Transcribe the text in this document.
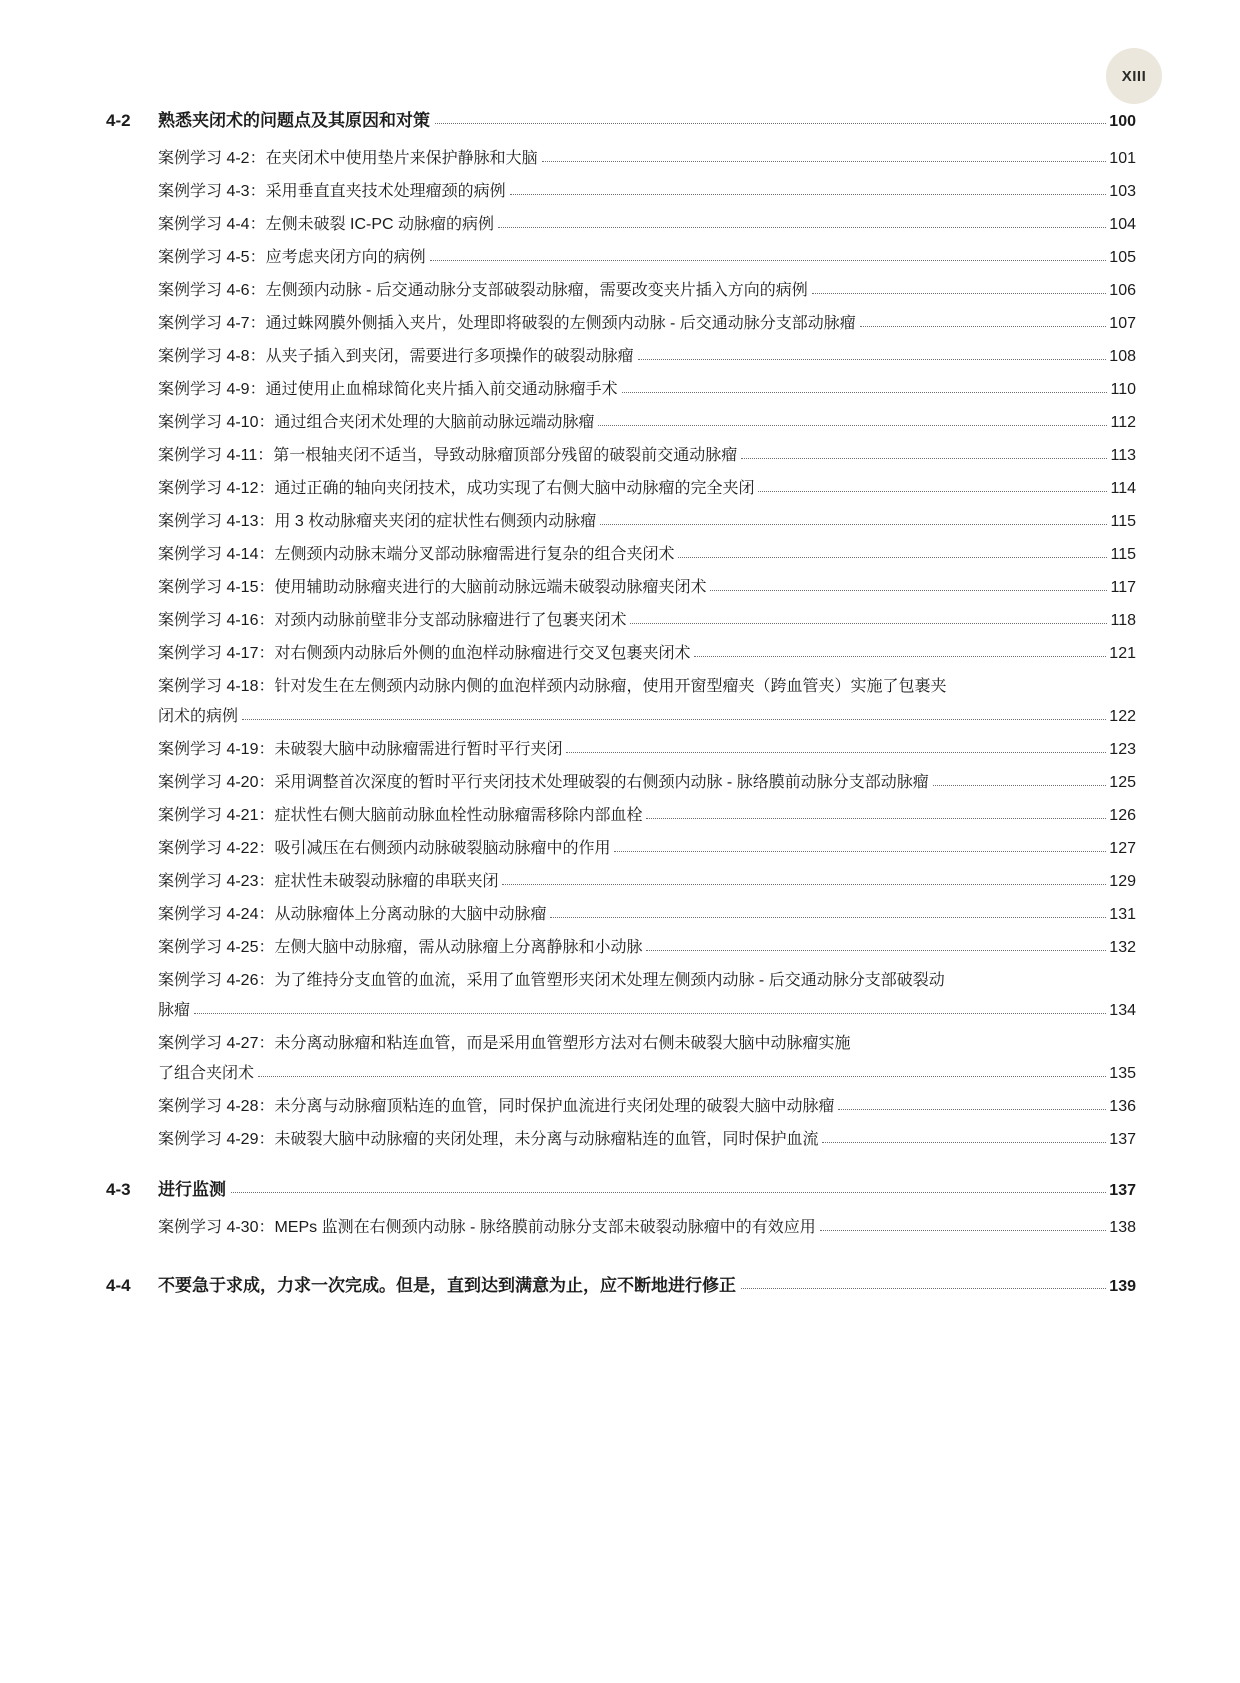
XIII
4-2	熟悉夹闭术的问题点及其原因和对策	100
案例学习 4-2：在夹闭术中使用垫片来保护静脉和大脑	101
案例学习 4-3：采用垂直直夹技术处理瘤颈的病例	103
案例学习 4-4：左侧未破裂 IC-PC 动脉瘤的病例	104
案例学习 4-5：应考虑夹闭方向的病例	105
案例学习 4-6：左侧颈内动脉 - 后交通动脉分支部破裂动脉瘤，需要改变夹片插入方向的病例	106
案例学习 4-7：通过蛛网膜外侧插入夹片，处理即将破裂的左侧颈内动脉 - 后交通动脉分支部动脉瘤	107
案例学习 4-8：从夹子插入到夹闭，需要进行多项操作的破裂动脉瘤	108
案例学习 4-9：通过使用止血棉球简化夹片插入前交通动脉瘤手术	110
案例学习 4-10：通过组合夹闭术处理的大脑前动脉远端动脉瘤	112
案例学习 4-11：第一根轴夹闭不适当，导致动脉瘤顶部分残留的破裂前交通动脉瘤	113
案例学习 4-12：通过正确的轴向夹闭技术，成功实现了右侧大脑中动脉瘤的完全夹闭	114
案例学习 4-13：用 3 枚动脉瘤夹夹闭的症状性右侧颈内动脉瘤	115
案例学习 4-14：左侧颈内动脉末端分叉部动脉瘤需进行复杂的组合夹闭术	115
案例学习 4-15：使用辅助动脉瘤夹进行的大脑前动脉远端未破裂动脉瘤夹闭术	117
案例学习 4-16：对颈内动脉前壁非分支部动脉瘤进行了包裹夹闭术	118
案例学习 4-17：对右侧颈内动脉后外侧的血泡样动脉瘤进行交叉包裹夹闭术	121
案例学习 4-18：针对发生在左侧颈内动脉内侧的血泡样颈内动脉瘤，使用开窗型瘤夹（跨血管夹）实施了包裹夹
闭术的病例	122
案例学习 4-19：未破裂大脑中动脉瘤需进行暂时平行夹闭	123
案例学习 4-20：采用调整首次深度的暂时平行夹闭技术处理破裂的右侧颈内动脉 - 脉络膜前动脉分支部动脉瘤	125
案例学习 4-21：症状性右侧大脑前动脉血栓性动脉瘤需移除内部血栓	126
案例学习 4-22：吸引减压在右侧颈内动脉破裂脑动脉瘤中的作用	127
案例学习 4-23：症状性未破裂动脉瘤的串联夹闭	129
案例学习 4-24：从动脉瘤体上分离动脉的大脑中动脉瘤	131
案例学习 4-25：左侧大脑中动脉瘤，需从动脉瘤上分离静脉和小动脉	132
案例学习 4-26：为了维持分支血管的血流，采用了血管塑形夹闭术处理左侧颈内动脉 - 后交通动脉分支部破裂动
脉瘤	134
案例学习 4-27：未分离动脉瘤和粘连血管，而是采用血管塑形方法对右侧未破裂大脑中动脉瘤实施
了组合夹闭术	135
案例学习 4-28：未分离与动脉瘤顶粘连的血管，同时保护血流进行夹闭处理的破裂大脑中动脉瘤	136
案例学习 4-29：未破裂大脑中动脉瘤的夹闭处理，未分离与动脉瘤粘连的血管，同时保护血流	137
4-3	进行监测	137
案例学习 4-30：MEPs 监测在右侧颈内动脉 - 脉络膜前动脉分支部未破裂动脉瘤中的有效应用	138
4-4	不要急于求成，力求一次完成。但是，直到达到满意为止，应不断地进行修正	139
